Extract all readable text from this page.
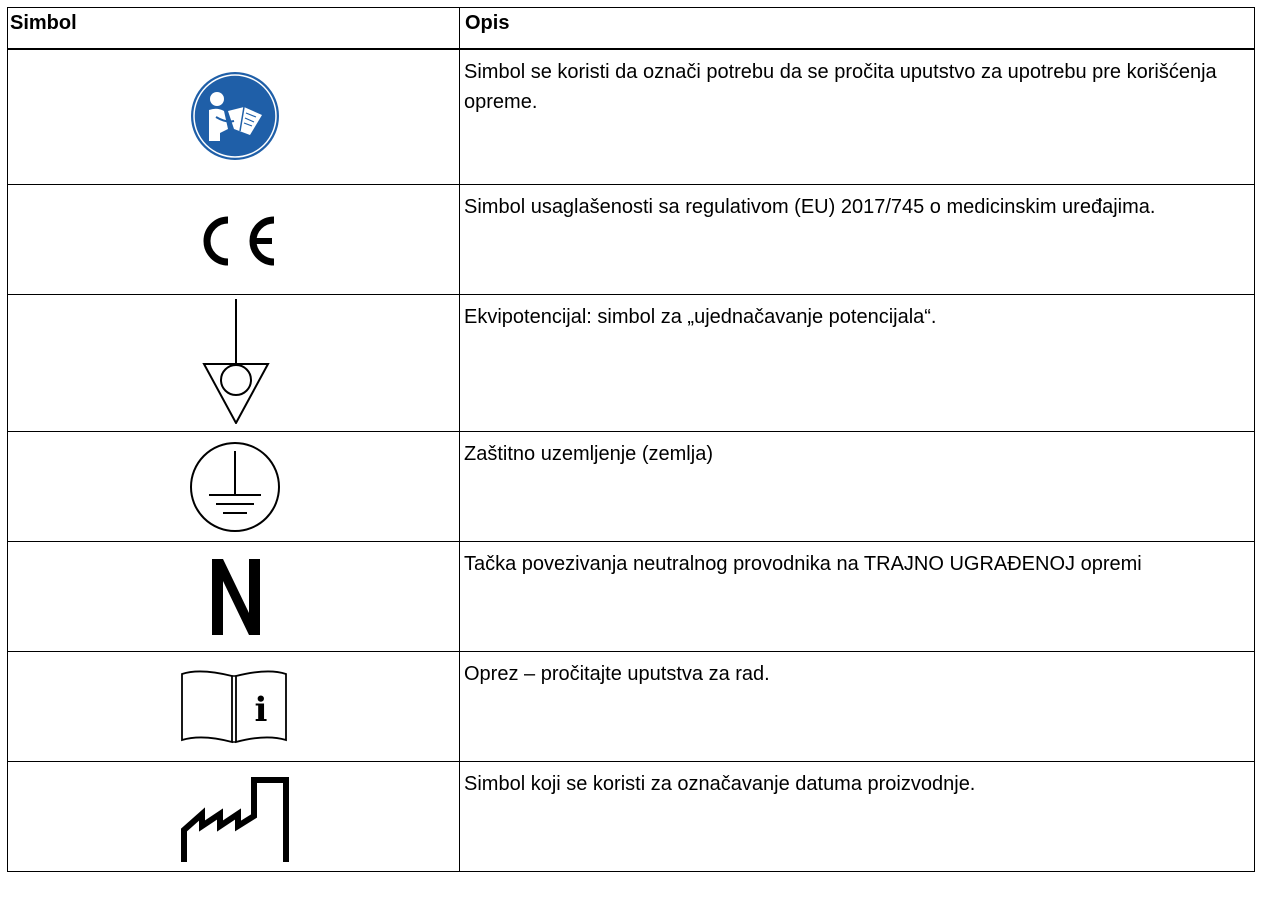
Simbol	Opis

	Simbol se koristi da označi potrebu da se pročita uputstvo za upotrebu pre korišćenja opreme.

	Simbol usaglašenosti sa regulativom (EU) 2017/745 o medicinskim uređajima.

	Ekvipotencijal: simbol za „ujednačavanje potencijala“.

	Zaštitno uzemljenje (zemlja)

	Tačka povezivanja neutralnog provodnika na TRAJNO UGRAĐENOJ opremi

i	Oprez – pročitajte uputstva za rad.

	Simbol koji se koristi za označavanje datuma proizvodnje.
